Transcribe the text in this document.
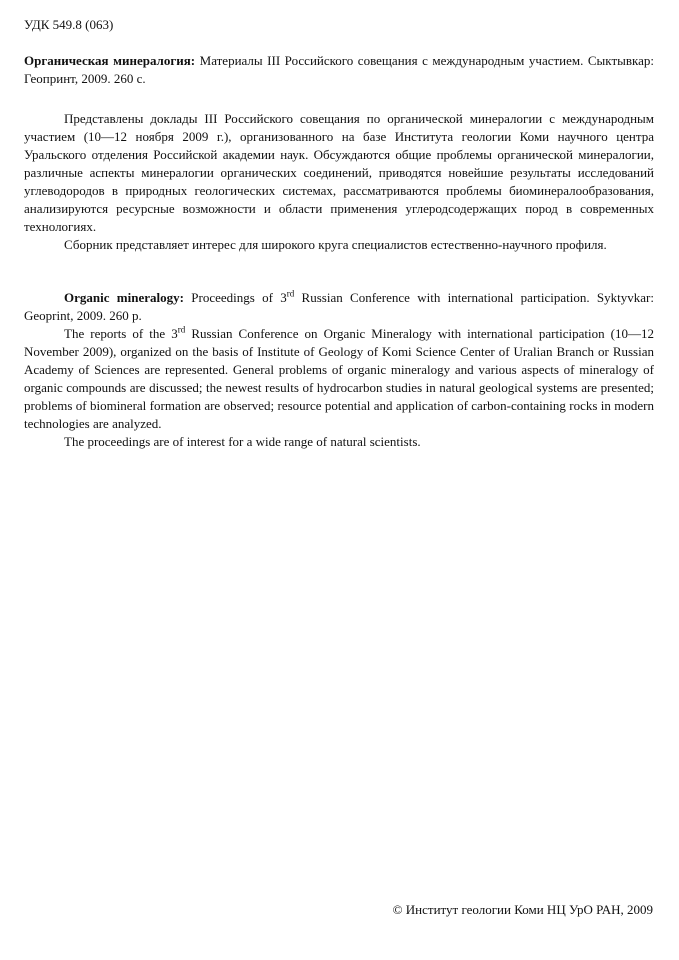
УДК 549.8 (063)

Органическая минералогия: Материалы III Российского совещания с международным участием. Сыктывкар: Геопринт, 2009. 260 с.

Представлены доклады III Российского совещания по органической минералогии с международным участием (10—12 ноября 2009 г.), организованного на базе Института геологии Коми научного центра Уральского отделения Российской академии наук. Обсуждаются общие проблемы органической минералогии, различные аспекты минералогии органических соединений, приводятся новейшие результаты исследований углеводородов в природных геологических системах, рассматриваются проблемы биоминералообразования, анализируются ресурсные возможности и области применения углеродсодержащих пород в современных технологиях.

Сборник представляет интерес для широкого круга специалистов естественно-научного профиля.

Organic mineralogy: Proceedings of 3rd Russian Conference with international participation. Syktyvkar: Geoprint, 2009. 260 p.

The reports of the 3rd Russian Conference on Organic Mineralogy with international participation (10—12 November 2009), organized on the basis of Institute of Geology of Komi Science Center of Uralian Branch or Russian Academy of Sciences are represented. General problems of organic mineralogy and various aspects of mineralogy of organic compounds are discussed; the newest results of hydrocarbon studies in natural geological systems are presented; problems of biomineral formation are observed; resource potential and application of carbon-containing rocks in modern technologies are analyzed.

The proceedings are of interest for a wide range of natural scientists.

© Институт геологии Коми НЦ УрО РАН, 2009
